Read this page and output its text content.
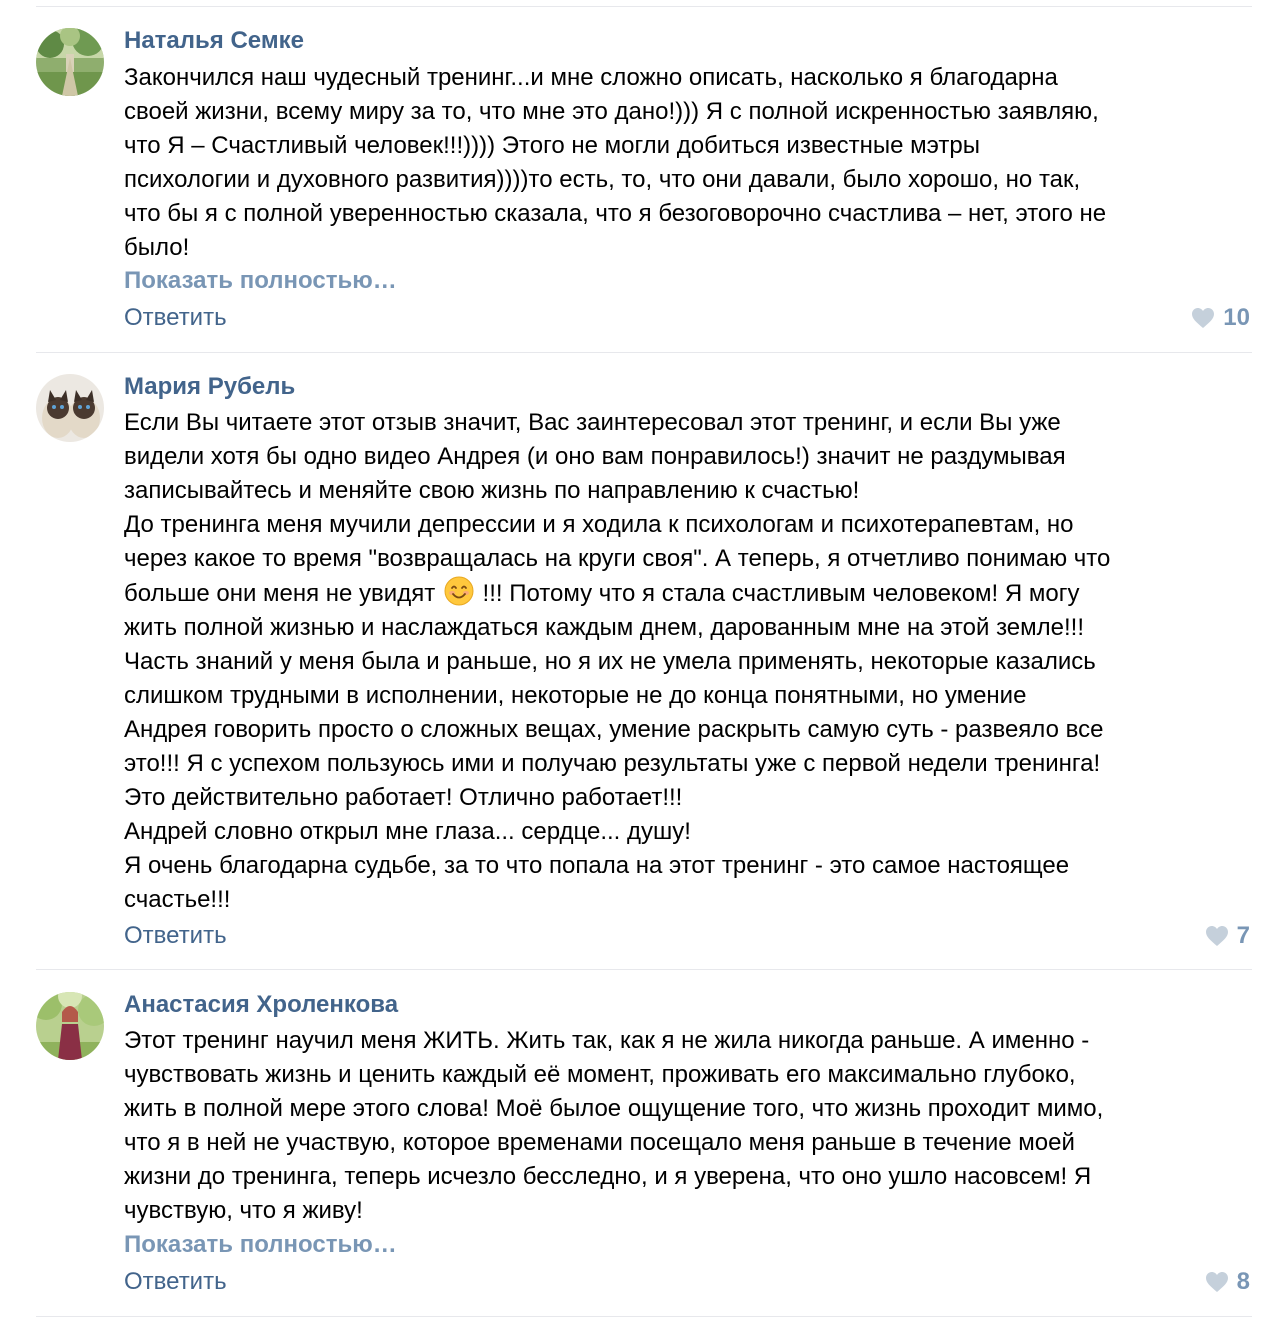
Наталья Семке
Закончился наш чудесный тренинг...и мне сложно описать, насколько я благодарна
своей жизни, всему миру за то, что мне это дано!))) Я с полной искренностью заявляю,
что Я – Счастливый человек!!!)))) Этого не могли добиться известные мэтры
психологии и духовного развития))))то есть, то, что они давали, было хорошо, но так,
что бы я с полной уверенностью сказала, что я безоговорочно счастлива – нет, этого не
было!
Показать полностью…
Ответить	10
Мария Рубель
Если Вы читаете этот отзыв значит, Вас заинтересовал этот тренинг, и если Вы уже
видели хотя бы одно видео Андрея (и оно вам понравилось!) значит не раздумывая
записывайтесь и меняйте свою жизнь по направлению к счастью!
До тренинга меня мучили депрессии и я ходила к психологам и психотерапевтам, но
через какое то время "возвращалась на круги своя". А теперь, я отчетливо понимаю что
больше они меня не увидят !!! Потому что я стала счастливым человеком! Я могу
жить полной жизнью и наслаждаться каждым днем, дарованным мне на этой земле!!!
Часть знаний у меня была и раньше, но я их не умела применять, некоторые казались
слишком трудными в исполнении, некоторые не до конца понятными, но умение
Андрея говорить просто о сложных вещах, умение раскрыть самую суть - развеяло все
это!!! Я с успехом пользуюсь ими и получаю результаты уже с первой недели тренинга!
Это действительно работает! Отлично работает!!!
Андрей словно открыл мне глаза... сердце... душу!
Я очень благодарна судьбе, за то что попала на этот тренинг - это самое настоящее
счастье!!!
Ответить	7
Анастасия Хроленкова
Этот тренинг научил меня ЖИТЬ. Жить так, как я не жила никогда раньше. А именно -
чувствовать жизнь и ценить каждый её момент, проживать его максимально глубоко,
жить в полной мере этого слова! Моё былое ощущение того, что жизнь проходит мимо,
что я в ней не участвую, которое временами посещало меня раньше в течение моей
жизни до тренинга, теперь исчезло бесследно, и я уверена, что оно ушло насовсем! Я
чувствую, что я живу!
Показать полностью…
Ответить	8
